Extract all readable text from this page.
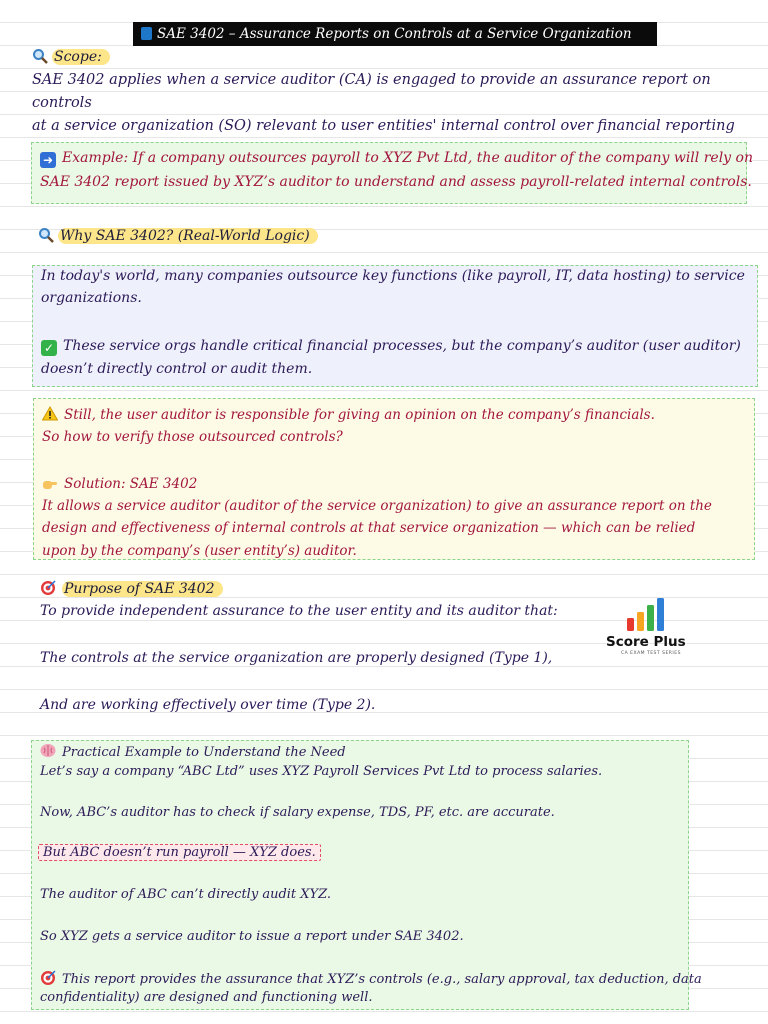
SAE 3402 – Assurance Reports on Controls at a Service Organization
Scope:
SAE 3402 applies when a service auditor (CA) is engaged to provide an assurance report on controls
at a service organization (SO) relevant to user entities' internal control over financial reporting
➜ Example: If a company outsources payroll to XYZ Pvt Ltd, the auditor of the company will rely on
SAE 3402 report issued by XYZ’s auditor to understand and assess payroll-related internal controls.
Why SAE 3402? (Real-World Logic)
In today's world, many companies outsource key functions (like payroll, IT, data hosting) to service
organizations.
✓ These service orgs handle critical financial processes, but the company’s auditor (user auditor)
doesn’t directly control or audit them.
Still, the user auditor is responsible for giving an opinion on the company’s financials.
So how to verify those outsourced controls?
Solution: SAE 3402
It allows a service auditor (auditor of the service organization) to give an assurance report on the
design and effectiveness of internal controls at that service organization — which can be relied
upon by the company’s (user entity’s) auditor.
Purpose of SAE 3402
To provide independent assurance to the user entity and its auditor that:
The controls at the service organization are properly designed (Type 1),
And are working effectively over time (Type 2).
Score Plus
CA EXAM TEST SERIES
Practical Example to Understand the Need
Let’s say a company “ABC Ltd” uses XYZ Payroll Services Pvt Ltd to process salaries.
Now, ABC’s auditor has to check if salary expense, TDS, PF, etc. are accurate.
But ABC doesn’t run payroll — XYZ does.
The auditor of ABC can’t directly audit XYZ.
So XYZ gets a service auditor to issue a report under SAE 3402.
This report provides the assurance that XYZ’s controls (e.g., salary approval, tax deduction, data
confidentiality) are designed and functioning well.
